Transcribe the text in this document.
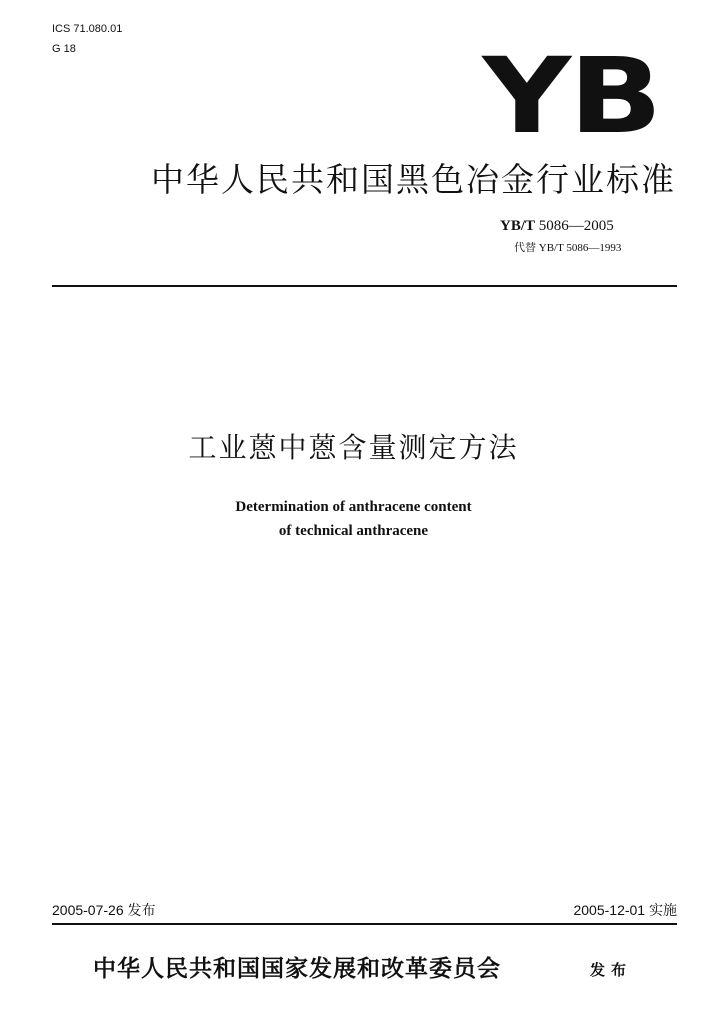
ICS 71.080.01
G 18	YB
中华人民共和国黑色冶金行业标准
YB/T 5086—2005
代替 YB/T 5086—1993
工业蒽中蒽含量测定方法
Determination of anthracene content
of technical anthracene
2005-07-26 发布	2005-12-01 实施
中华人民共和国国家发展和改革委员会	发布
